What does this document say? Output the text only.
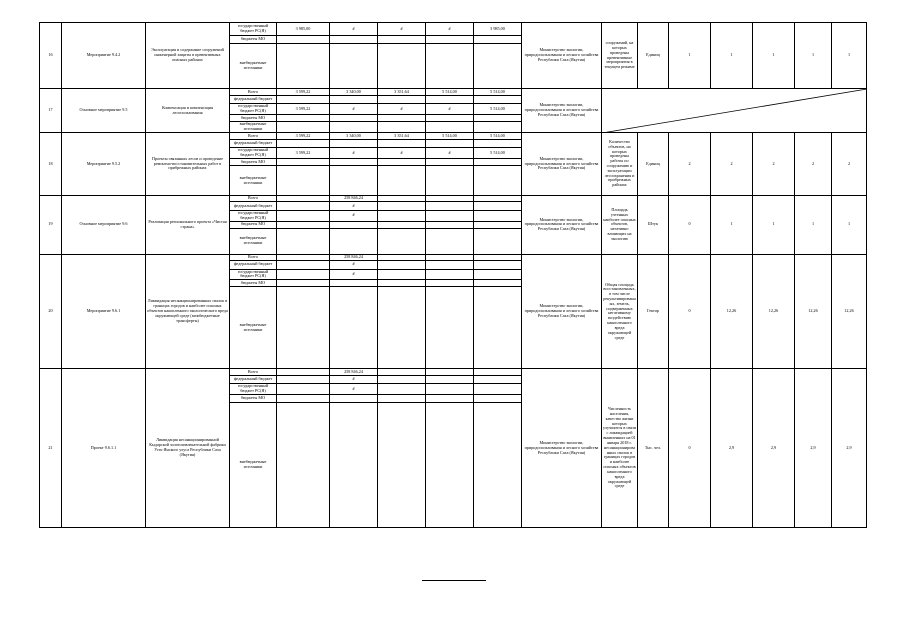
16	Мероприятие 9.4.2	Эксплуатация и содержание сооружений инженерной защиты в превентивных опасных районах	государственный бюджет РС(Я)	3 985,00	#	#	#	3 985,00	Министерство экологии, природопользования и лесного хозяйства Республики Саха (Якутия)	сооружений, на которых проведены превентивные мероприятия в текущем режиме	Единиц	1	1	1	1	1
			бюджеты МО													
			внебюджетные источники													
17	Основное мероприятие 9.5	Компенсация и компенсация лесопользования	Всего	3 599,22	3 340,00	3 351,64	5 514,00	5 514,00	Министерство экологии, природопользования и лесного хозяйства Республики Саха (Якутия)							
			федеральный бюджет													
			государственный бюджет РС(Я)	3 599,22	#	#	#	5 514,00								
			бюджеты МО													
			внебюджетные источники													
18	Мероприятие 9.5.2	Проекты связанных лесов и проведение ремонтно-восстановительных работ в прибрежных районах	Всего	3 599,22	3 340,00	3 351,64	5 514,00	5 514,00	Министерство экологии, природопользования и лесного хозяйства Республики Саха (Якутия)	Количество объектов, на которых проведены работы по сооружению и эксплуатации лесоохранения и прибрежных районах	Единиц	2	2	2	2	2
			федеральный бюджет													
			государственный бюджет РС(Я)	3 599,22	#	#	#	5 514,00								
			бюджеты МО													
			внебюджетные источники													
19	Основное мероприятие 9.6	Реализация регионального проекта «Чистая страна»	Всего		258 846,24				Министерство экологии, природопользования и лесного хозяйства Республики Саха (Якутия)	Площадь учтенных наиболее опасных объектов, негативно влияющих на экологию	Штук	0	1	1	1	1
			федеральный бюджет		#											
			государственный бюджет РС(Я)		#											
			бюджеты МО													
			внебюджетные источники													
20	Мероприятие 9.6.1	Ликвидация несанкционированных свалок в границах городов и наиболее опасных объектов накопленного экологического вреда окружающей среде (межбюджетные трансферты)	Всего		258 846,24				Министерство экологии, природопользования и лесного хозяйства Республики Саха (Якутия)	Общая площадь восстановленных, в том числе рекультивированных, земель, подверженных негативному воздействию накопленного вреда окружающей среде	Гектар	0	12,26	12,26	12,26	12,26
			федеральный бюджет		#											
			государственный бюджет РС(Я)		#											
			бюджеты МО													
			внебюджетные источники													
21	Проект 9.6.1.1	Ликвидация несанкционированной Кыдарской золотоизвлекательной фабрики Усть-Янского улуса Республики Саха (Якутия)	Всего		258 846,24				Министерство экологии, природопользования и лесного хозяйства Республики Саха (Якутия)	Численность населения, качество жизни которых улучшится в связи с ликвидацией выявленных на 01 января 2018 г. несанкционированных свалок в границах городов и наиболее опасных объектов накопленного вреда окружающей среде	Тыс. чел.	0	2,9	2,9	2,9	2,9
			федеральный бюджет		#											
			государственный бюджет РС(Я)		#											
			бюджеты МО													
			внебюджетные источники													
